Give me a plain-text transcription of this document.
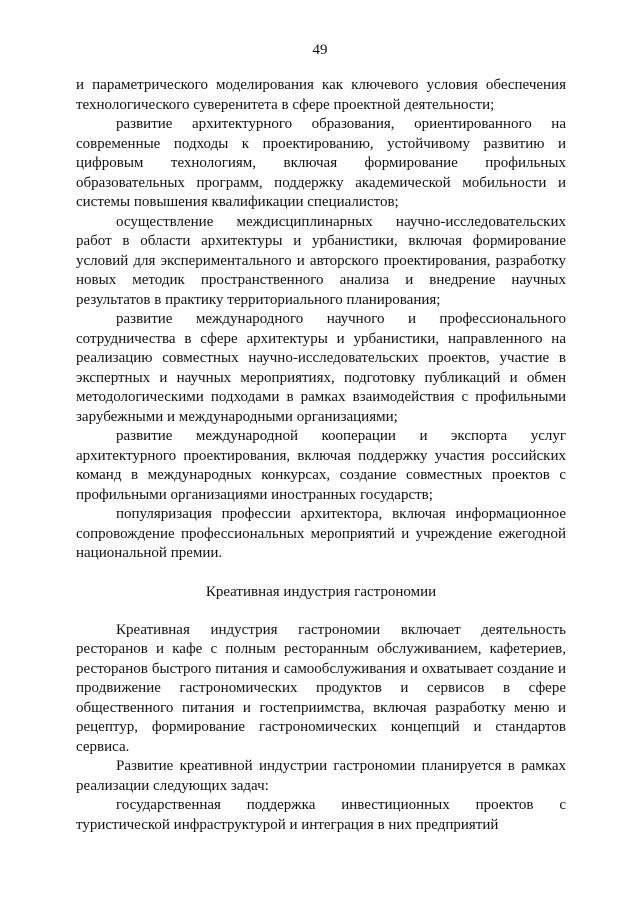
49

и параметрического моделирования как ключевого условия обеспечения технологического суверенитета в сфере проектной деятельности;

развитие архитектурного образования, ориентированного на современные подходы к проектированию, устойчивому развитию и цифровым технологиям, включая формирование профильных образовательных программ, поддержку академической мобильности и системы повышения квалификации специалистов;

осуществление междисциплинарных научно-исследовательских работ в области архитектуры и урбанистики, включая формирование условий для экспериментального и авторского проектирования, разработку новых методик пространственного анализа и внедрение научных результатов в практику территориального планирования;

развитие международного научного и профессионального сотрудничества в сфере архитектуры и урбанистики, направленного на реализацию совместных научно-исследовательских проектов, участие в экспертных и научных мероприятиях, подготовку публикаций и обмен методологическими подходами в рамках взаимодействия с профильными зарубежными и международными организациями;

развитие международной кооперации и экспорта услуг архитектурного проектирования, включая поддержку участия российских команд в международных конкурсах, создание совместных проектов с профильными организациями иностранных государств;

популяризация профессии архитектора, включая информационное сопровождение профессиональных мероприятий и учреждение ежегодной национальной премии.

Креативная индустрия гастрономии

Креативная индустрия гастрономии включает деятельность ресторанов и кафе с полным ресторанным обслуживанием, кафетериев, ресторанов быстрого питания и самообслуживания и охватывает создание и продвижение гастрономических продуктов и сервисов в сфере общественного питания и гостеприимства, включая разработку меню и рецептур, формирование гастрономических концепций и стандартов сервиса.

Развитие креативной индустрии гастрономии планируется в рамках реализации следующих задач:

государственная поддержка инвестиционных проектов с туристической инфраструктурой и интеграция в них предприятий
